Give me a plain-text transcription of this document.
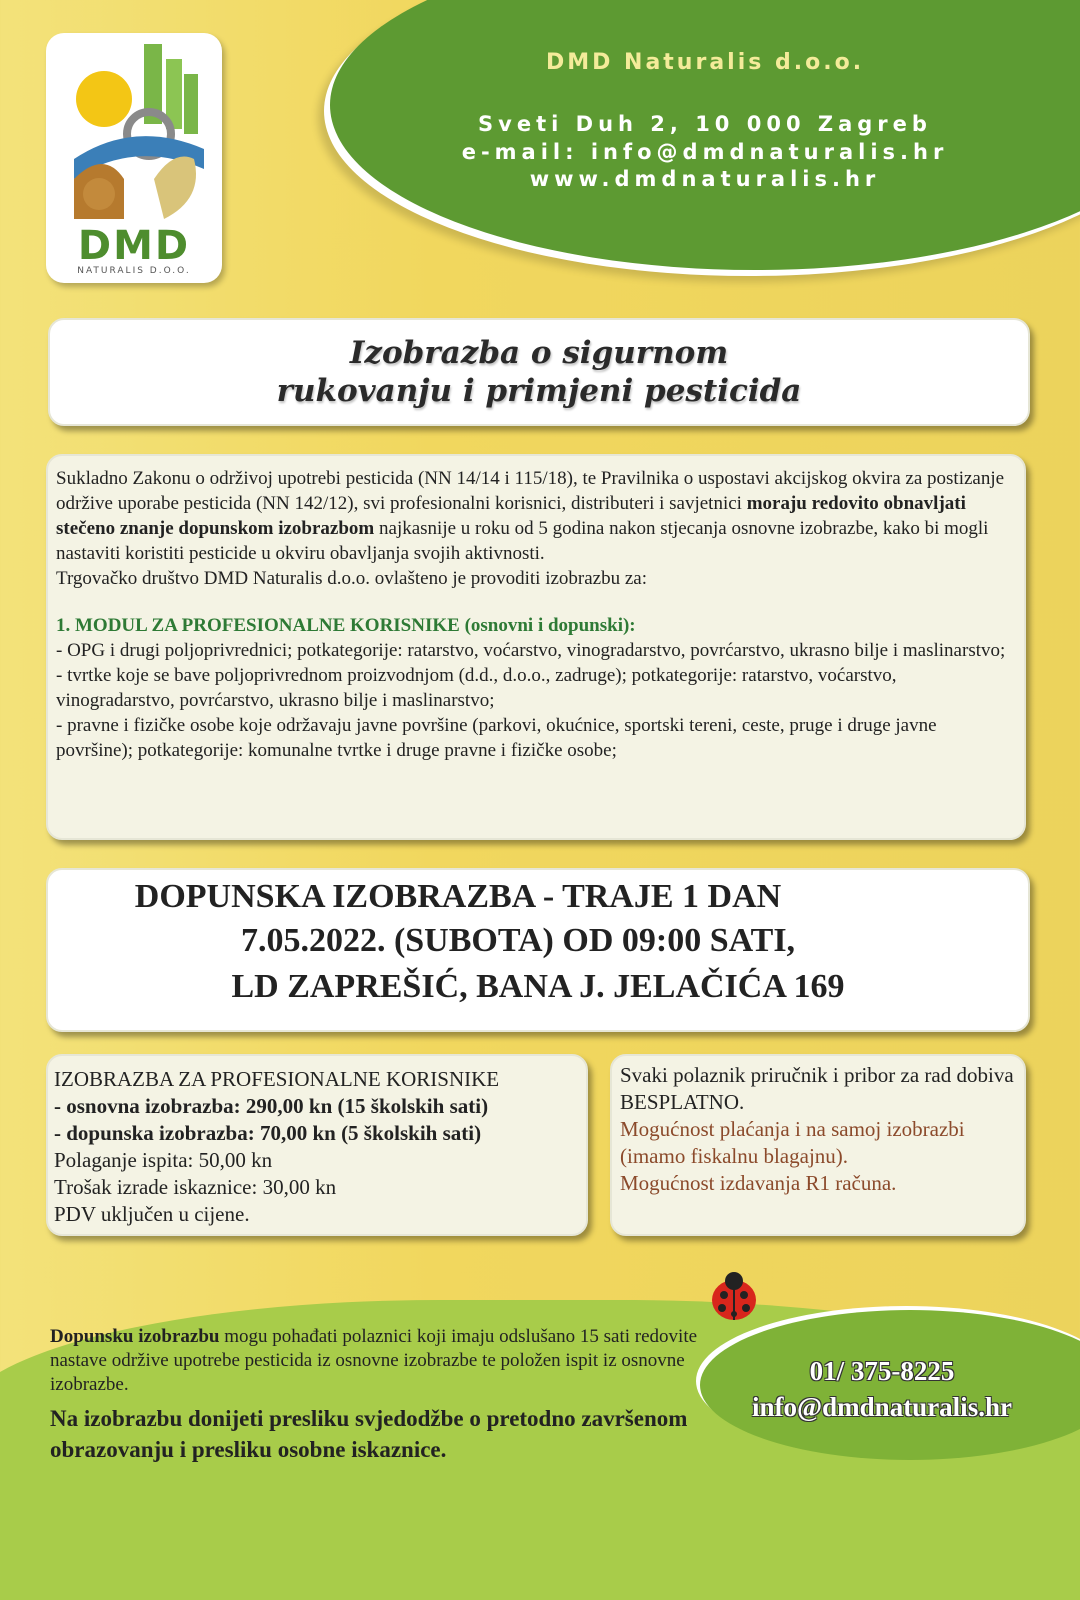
DMD Naturalis d.o.o.
Sveti Duh 2, 10 000 Zagreb
e-mail: info@dmdnaturalis.hr
www.dmdnaturalis.hr
DMD
NATURALIS D.O.O.
Izobrazba o sigurnom
rukovanju i primjeni pesticida

Sukladno Zakonu o održivoj upotrebi pesticida (NN 14/14 i 115/18), te Pravilnika o uspostavi akcijskog okvira za postizanje održive uporabe pesticida (NN 142/12), svi profesionalni korisnici, distributeri i savjetnici moraju redovito obnavljati stečeno znanje dopunskom izobrazbom najkasnije u roku od 5 godina nakon stjecanja osnovne izobrazbe, kako bi mogli nastaviti koristiti pesticide u okviru obavljanja svojih aktivnosti.

Trgovačko društvo DMD Naturalis d.o.o. ovlašteno je provoditi izobrazbu za:

1. MODUL ZA PROFESIONALNE KORISNIKE (osnovni i dopunski):

- OPG i drugi poljoprivrednici; potkategorije: ratarstvo, voćarstvo, vinogradarstvo, povrćarstvo, ukrasno bilje i maslinarstvo;

- tvrtke koje se bave poljoprivrednom proizvodnjom (d.d., d.o.o., zadruge); potkategorije: ratarstvo, voćarstvo, vinogradarstvo, povrćarstvo, ukrasno bilje i maslinarstvo;

- pravne i fizičke osobe koje održavaju javne površine (parkovi, okućnice, sportski tereni, ceste, pruge i druge javne površine); potkategorije: komunalne tvrtke i druge pravne i fizičke osobe;

DOPUNSKA IZOBRAZBA - TRAJE 1 DAN
7.05.2022. (SUBOTA) OD 09:00 SATI,
LD ZAPREŠIĆ, BANA J. JELAČIĆA 169
IZOBRAZBA ZA PROFESIONALNE KORISNIKE
- osnovna izobrazba: 290,00 kn (15 školskih sati)
- dopunska izobrazba: 70,00 kn (5 školskih sati)
Polaganje ispita: 50,00 kn
Trošak izrade iskaznice: 30,00 kn
PDV uključen u cijene.
Svaki polaznik priručnik i pribor za rad dobiva BESPLATNO.
Mogućnost plaćanja i na samoj izobrazbi (imamo fiskalnu blagajnu).
Mogućnost izdavanja R1 računa.
Dopunsku izobrazbu mogu pohađati polaznici koji imaju odslušano 15 sati redovite nastave održive upotrebe pesticida iz osnovne izobrazbe te položen ispit iz osnovne izobrazbe.
Na izobrazbu donijeti presliku svjedodžbe o pretodno završenom obrazovanju i presliku osobne iskaznice.
01/ 375-8225
info@dmdnaturalis.hr
